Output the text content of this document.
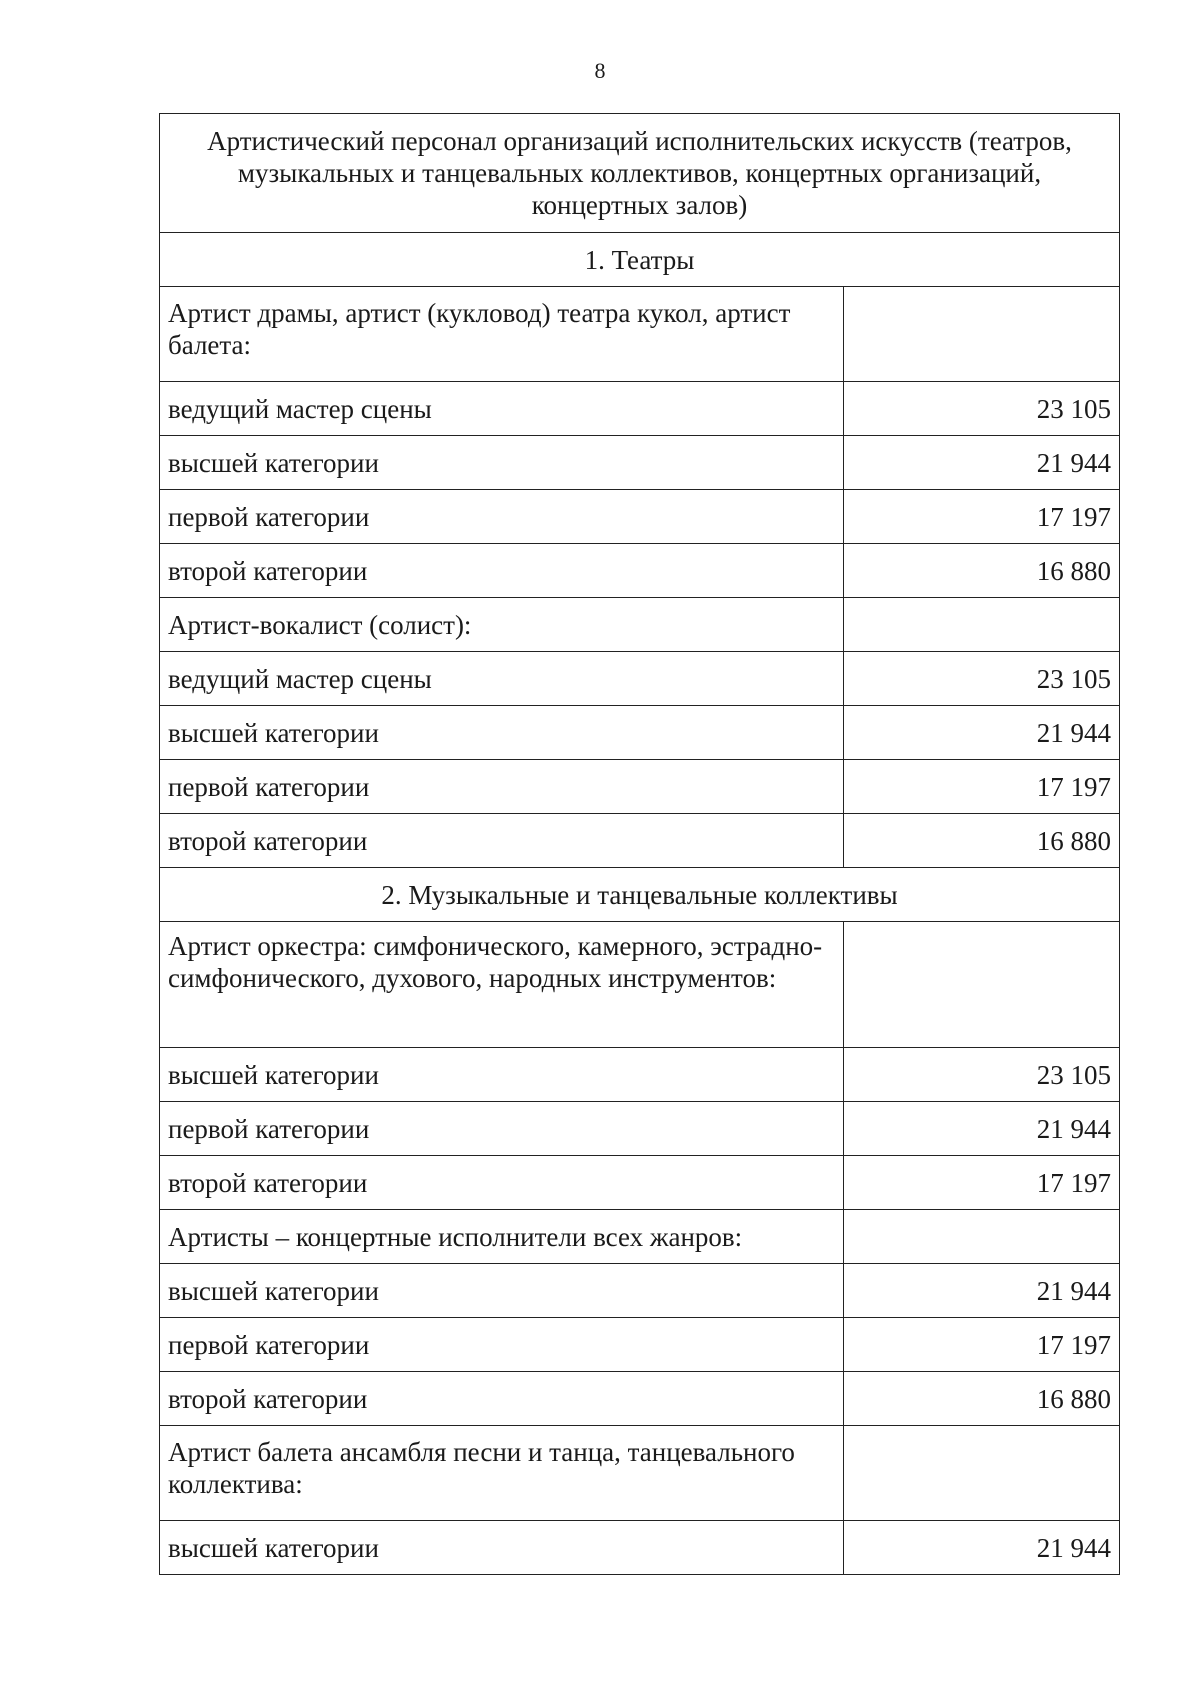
8
Артистический персонал организаций исполнительских искусств (театров, музыкальных и танцевальных коллективов, концертных организаций, концертных залов)	
1. Театры	
Артист драмы, артист (кукловод) театра кукол, артист балета:	
ведущий мастер сцены	23 105
высшей категории	21 944
первой категории	17 197
второй категории	16 880
Артист-вокалист (солист):	
ведущий мастер сцены	23 105
высшей категории	21 944
первой категории	17 197
второй категории	16 880
2. Музыкальные и танцевальные коллективы	
Артист оркестра: симфонического, камерного, эстрадно-симфонического, духового, народных инструментов:	
высшей категории	23 105
первой категории	21 944
второй категории	17 197
Артисты – концертные исполнители всех жанров:	
высшей категории	21 944
первой категории	17 197
второй категории	16 880
Артист балета ансамбля песни и танца, танцевального коллектива:	
высшей категории	21 944
